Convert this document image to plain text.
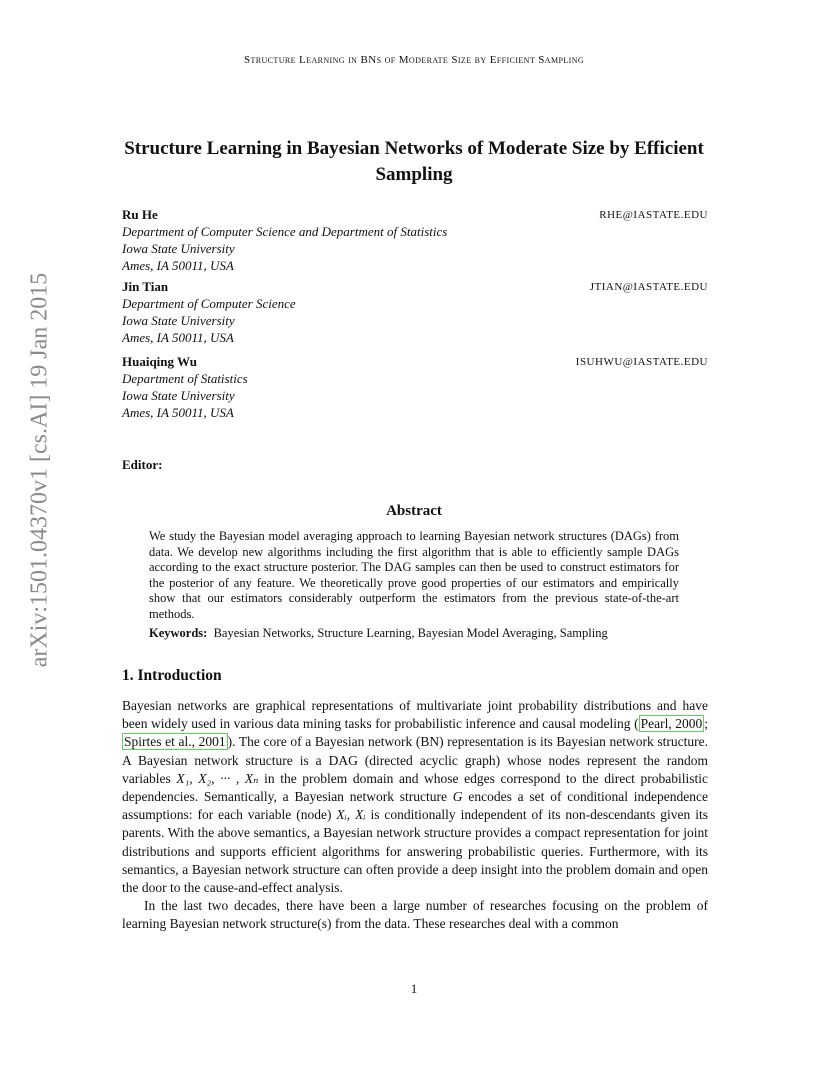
Structure Learning in BNs of Moderate Size by Efficient Sampling
arXiv:1501.04370v1 [cs.AI] 19 Jan 2015
Structure Learning in Bayesian Networks of Moderate Size by Efficient Sampling
Ru He	RHE@IASTATE.EDU
Department of Computer Science and Department of Statistics
Iowa State University
Ames, IA 50011, USA
Jin Tian	JTIAN@IASTATE.EDU
Department of Computer Science
Iowa State University
Ames, IA 50011, USA
Huaiqing Wu	ISUHWU@IASTATE.EDU
Department of Statistics
Iowa State University
Ames, IA 50011, USA
Editor:
Abstract
We study the Bayesian model averaging approach to learning Bayesian network structures (DAGs) from data. We develop new algorithms including the first algorithm that is able to efficiently sample DAGs according to the exact structure posterior. The DAG samples can then be used to construct estimators for the posterior of any feature. We theoretically prove good properties of our estimators and empirically show that our estimators considerably outperform the estimators from the previous state-of-the-art methods.
Keywords: Bayesian Networks, Structure Learning, Bayesian Model Averaging, Sampling
1. Introduction

Bayesian networks are graphical representations of multivariate joint probability distributions and have been widely used in various data mining tasks for probabilistic inference and causal modeling ( Pearl, 2000 ; Spirtes et al., 2001 ). The core of a Bayesian network (BN) representation is its Bayesian network structure. A Bayesian network structure is a DAG (directed acyclic graph) whose nodes represent the random variables X₁, X₂, ··· , Xₙ in the problem domain and whose edges correspond to the direct probabilistic dependencies. Semantically, a Bayesian network structure G encodes a set of conditional independence assumptions: for each variable (node) Xᵢ, Xᵢ is conditionally independent of its non-descendants given its parents. With the above semantics, a Bayesian network structure provides a compact representation for joint distributions and supports efficient algorithms for answering probabilistic queries. Furthermore, with its semantics, a Bayesian network structure can often provide a deep insight into the problem domain and open the door to the cause-and-effect analysis.

In the last two decades, there have been a large number of researches focusing on the problem of learning Bayesian network structure(s) from the data. These researches deal with a common

1
